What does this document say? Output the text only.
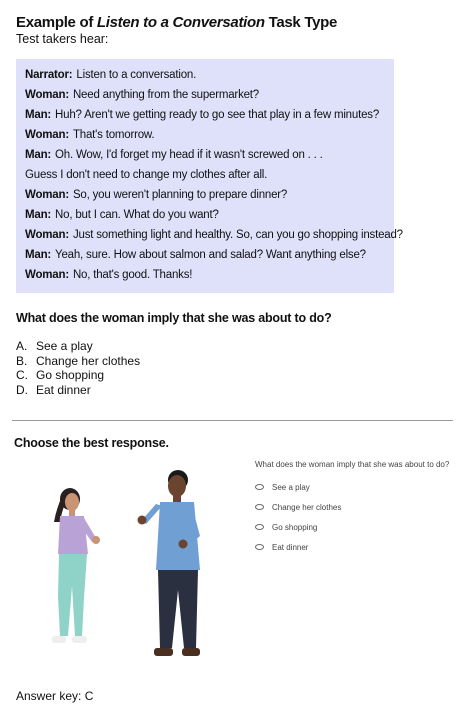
Example of Listen to a Conversation Task Type
Test takers hear:
Narrator: Listen to a conversation.
Woman: Need anything from the supermarket?
Man: Huh? Aren't we getting ready to go see that play in a few minutes?
Woman: That's tomorrow.
Man: Oh. Wow, I'd forget my head if it wasn't screwed on . . .
Guess I don't need to change my clothes after all.
Woman: So, you weren't planning to prepare dinner?
Man: No, but I can. What do you want?
Woman: Just something light and healthy. So, can you go shopping instead?
Man: Yeah, sure. How about salmon and salad? Want anything else?
Woman: No, that's good. Thanks!
What does the woman imply that she was about to do?
A. See a play
B. Change her clothes
C. Go shopping
D. Eat dinner
Choose the best response.
What does the woman imply that she was about to do?
See a play
Change her clothes
Go shopping
Eat dinner
Answer key: C
